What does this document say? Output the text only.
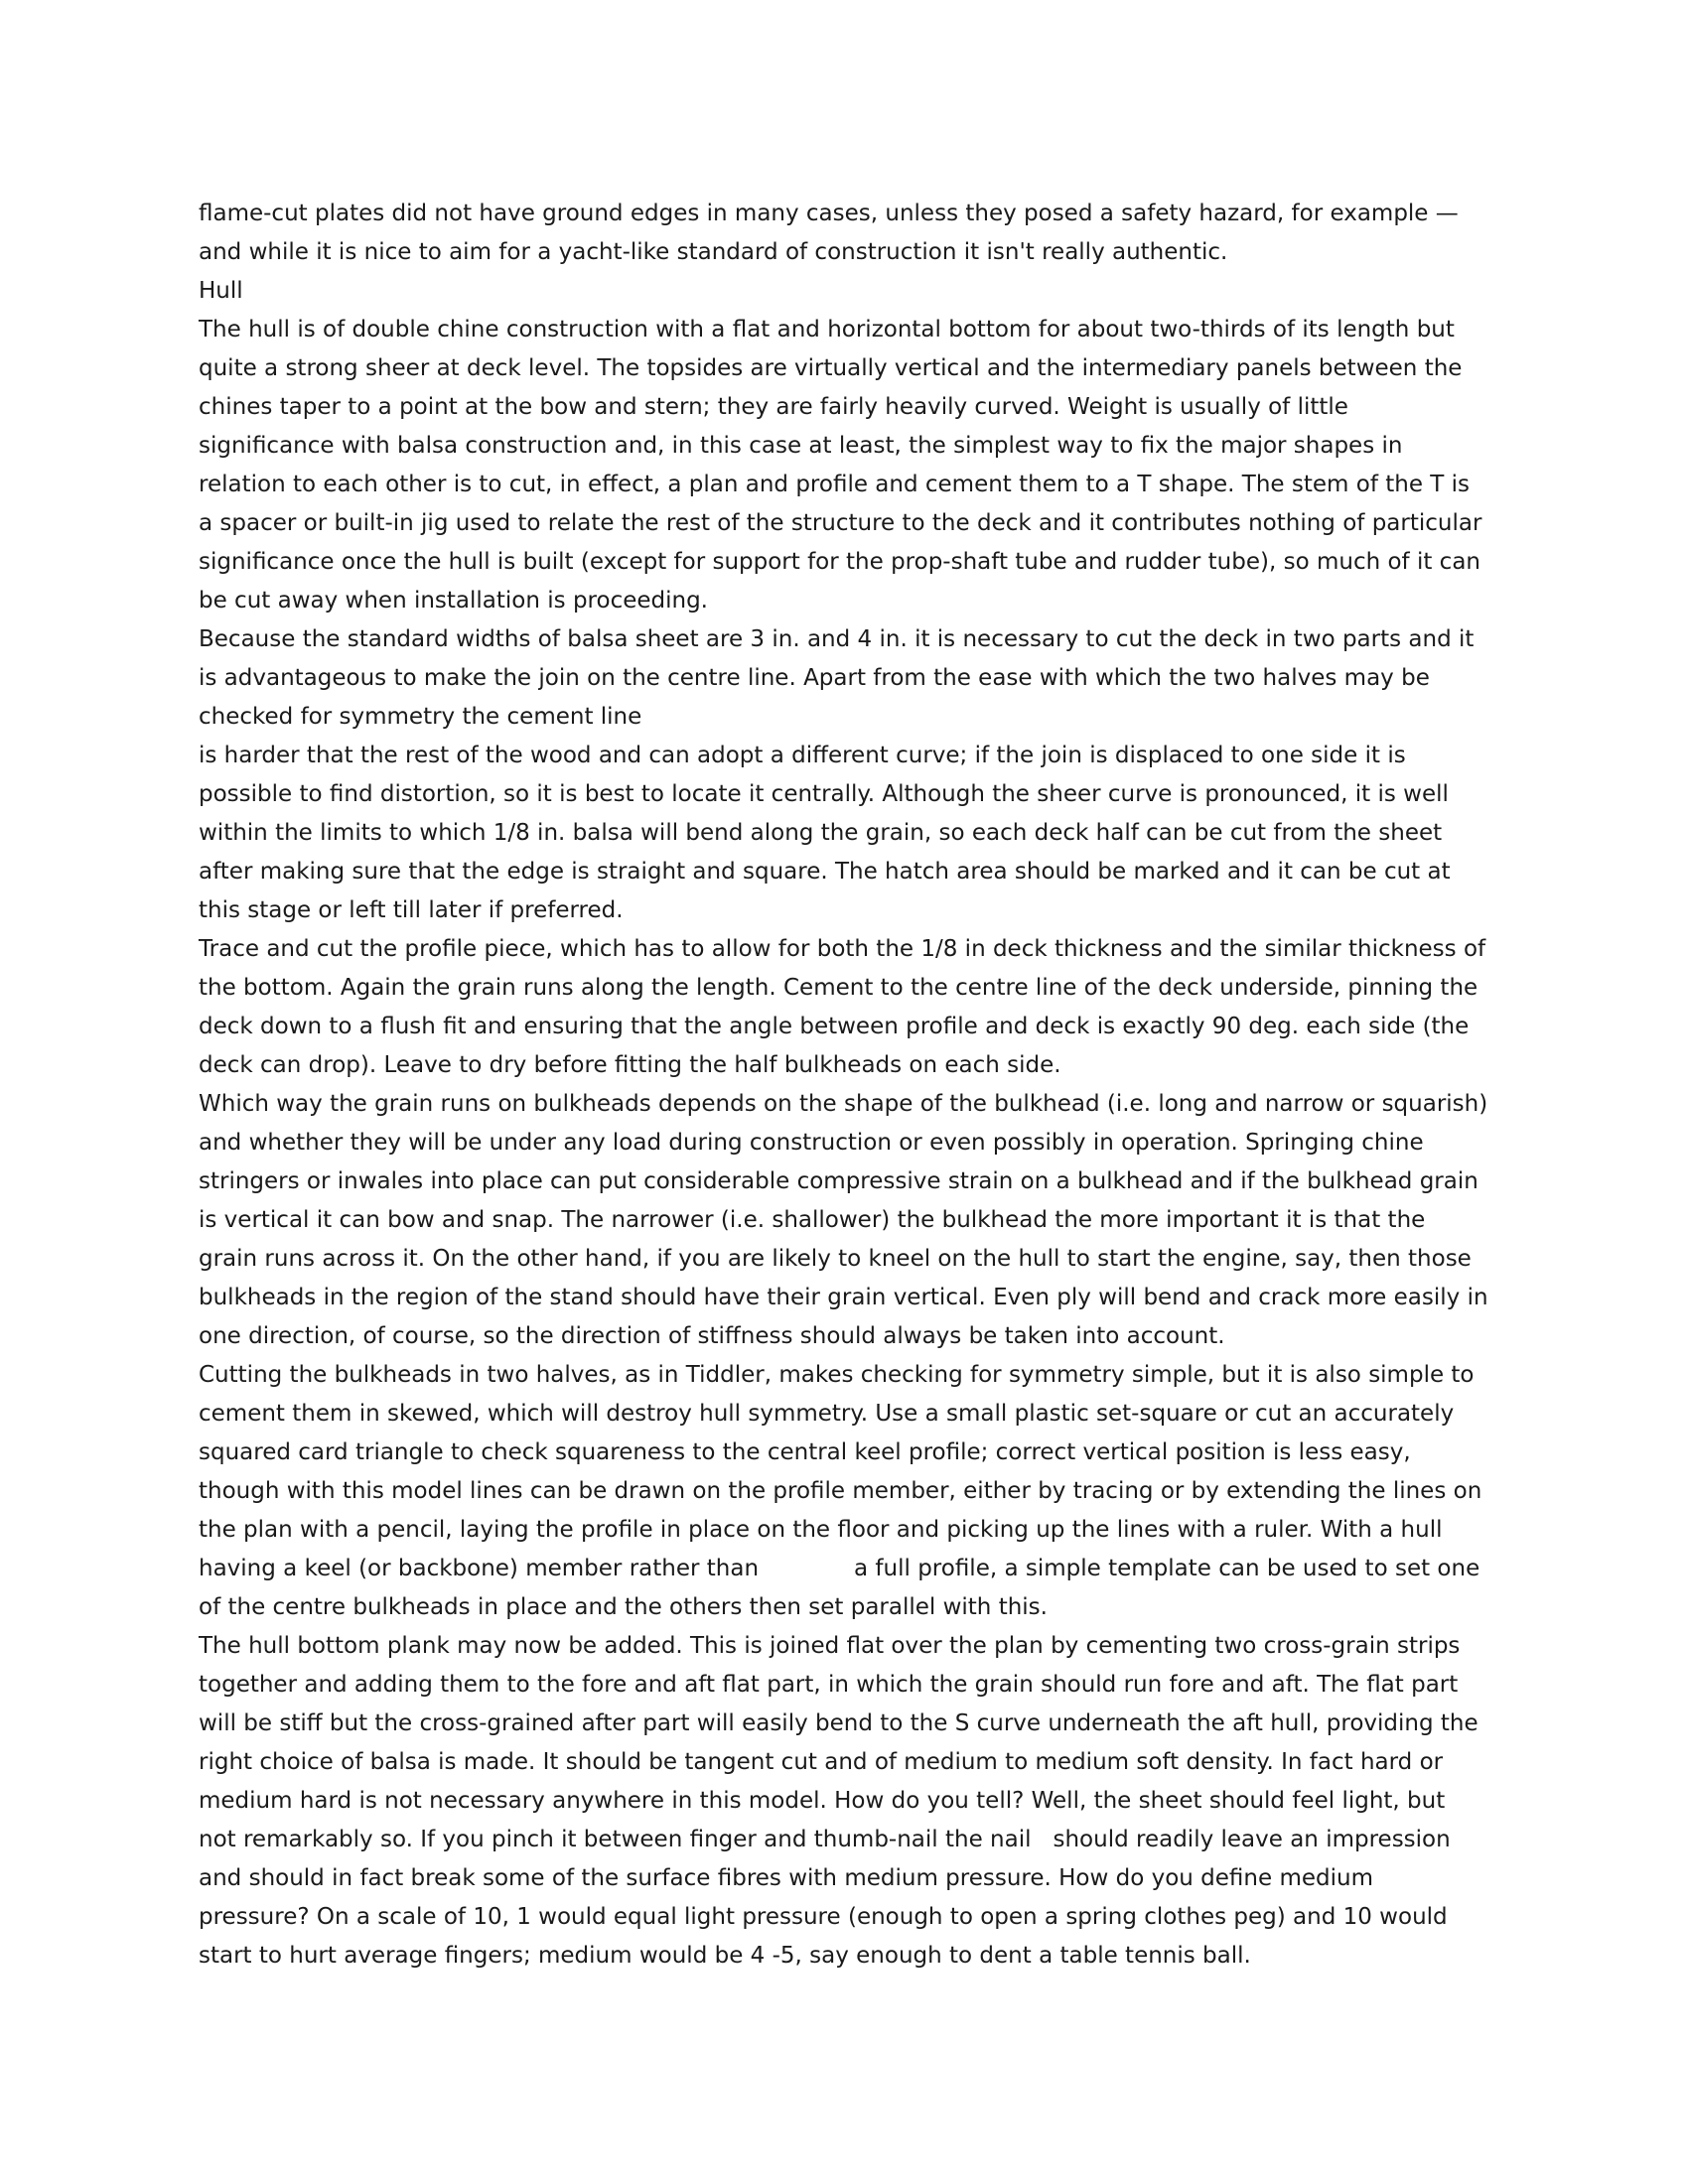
flame-cut plates did not have ground edges in many cases, unless they posed a safety hazard, for example — and while it is nice to aim for a yacht-like standard of construction it isn't really authentic.

Hull

The hull is of double chine construction with a flat and horizontal bottom for about two-thirds of its length but quite a strong sheer at deck level. The topsides are virtually vertical and the intermediary panels between the chines taper to a point at the bow and stern; they are fairly heavily curved. Weight is usually of little significance with balsa construction and, in this case at least, the simplest way to fix the major shapes in relation to each other is to cut, in effect, a plan and profile and cement them to a T shape. The stem of the T is a spacer or built-in jig used to relate the rest of the structure to the deck and it contributes nothing of particular significance once the hull is built (except for support for the prop-shaft tube and rudder tube), so much of it can be cut away when installation is proceeding.

Because the standard widths of balsa sheet are 3 in. and 4 in. it is necessary to cut the deck in two parts and it is advantageous to make the join on the centre line. Apart from the ease with which the two halves may be checked for symmetry the cement line

is harder that the rest of the wood and can adopt a different curve; if the join is displaced to one side it is possible to find distortion, so it is best to locate it centrally. Although the sheer curve is pronounced, it is well within the limits to which 1/8 in. balsa will bend along the grain, so each deck half can be cut from the sheet after making sure that the edge is straight and square. The hatch area should be marked and it can be cut at this stage or left till later if preferred.

Trace and cut the profile piece, which has to allow for both the 1/8 in deck thickness and the similar thickness of the bottom. Again the grain runs along the length. Cement to the centre line of the deck underside, pinning the deck down to a flush fit and ensuring that the angle between profile and deck is exactly 90 deg. each side (the deck can drop). Leave to dry before fitting the half bulkheads on each side.

Which way the grain runs on bulkheads depends on the shape of the bulkhead (i.e. long and narrow or squarish) and whether they will be under any load during construction or even possibly in operation. Springing chine stringers or inwales into place can put considerable compressive strain on a bulkhead and if the bulkhead grain is vertical it can bow and snap. The narrower (i.e. shallower) the bulkhead the more important it is that the grain runs across it. On the other hand, if you are likely to kneel on the hull to start the engine, say, then those bulkheads in the region of the stand should have their grain vertical. Even ply will bend and crack more easily in one direction, of course, so the direction of stiffness should always be taken into account.

Cutting the bulkheads in two halves, as in Tiddler, makes checking for symmetry simple, but it is also simple to cement them in skewed, which will destroy hull symmetry. Use a small plastic set-square or cut an accurately squared card triangle to check squareness to the central keel profile; correct vertical position is less easy, though with this model lines can be drawn on the profile member, either by tracing or by extending the lines on the plan with a pencil, laying the profile in place on the floor and picking up the lines with a ruler. With a hull having a keel (or backbone) member rather than	a full profile, a simple template can be used to set one of the centre bulkheads in place and the others then set parallel with this.

The hull bottom plank may now be added. This is joined flat over the plan by cementing two cross-grain strips together and adding them to the fore and aft flat part, in which the grain should run fore and aft. The flat part will be stiff but the cross-grained after part will easily bend to the S curve underneath the aft hull, providing the right choice of balsa is made. It should be tangent cut and of medium to medium soft density. In fact hard or medium hard is not necessary anywhere in this model. How do you tell? Well, the sheet should feel light, but not remarkably so. If you pinch it between finger and thumb-nail the nail should readily leave an impression and should in fact break some of the surface fibres with medium pressure. How do you define medium pressure? On a scale of 10, 1 would equal light pressure (enough to open a spring clothes peg) and 10 would start to hurt average fingers; medium would be 4 -5, say enough to dent a table tennis ball.
